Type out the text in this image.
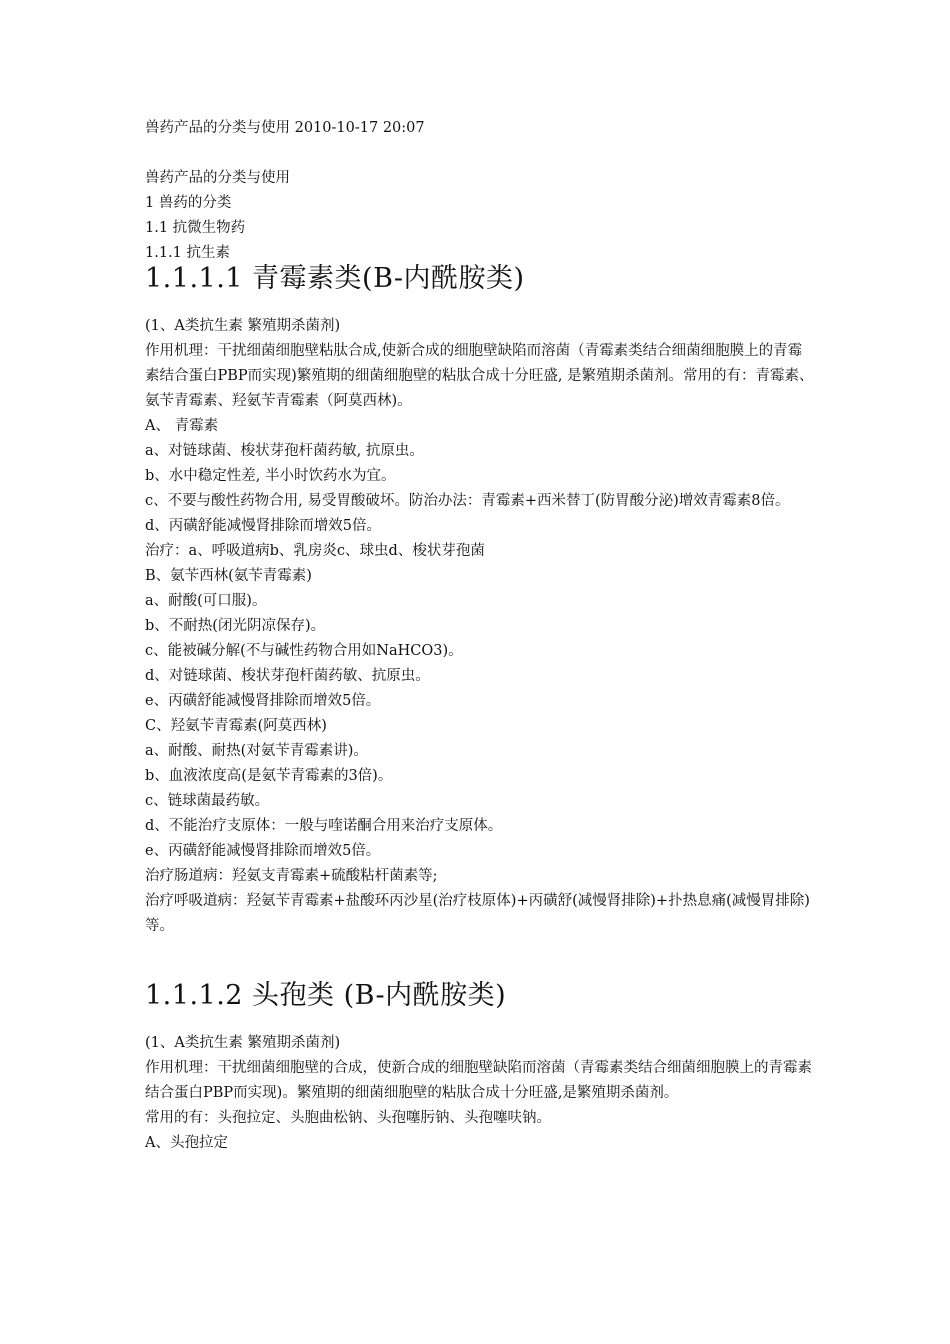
兽药产品的分类与使用 2010-10-17 20:07

兽药产品的分类与使用

1 兽药的分类

1.1 抗微生物药

1.1.1 抗生素

1.1.1.1 青霉素类(B-内酰胺类)

(1、A类抗生素 繁殖期杀菌剂)

作用机理：干扰细菌细胞壁粘肽合成,使新合成的细胞壁缺陷而溶菌（青霉素类结合细菌细胞膜上的青霉素结合蛋白PBP而实现)繁殖期的细菌细胞壁的粘肽合成十分旺盛, 是繁殖期杀菌剂。常用的有：青霉素、氨苄青霉素、羟氨苄青霉素（阿莫西林)。

A、 青霉素

a、对链球菌、梭状芽孢杆菌药敏, 抗原虫。

b、水中稳定性差, 半小时饮药水为宜。

c、不要与酸性药物合用, 易受胃酸破坏。防治办法：青霉素+西米替丁(防胃酸分泌)增效青霉素8倍。

d、丙磺舒能减慢肾排除而增效5倍。

治疗：a、呼吸道病b、乳房炎c、球虫d、梭状芽孢菌

B、氨苄西林(氨苄青霉素)

a、耐酸(可口服)。

b、不耐热(闭光阴凉保存)。

c、能被碱分解(不与碱性药物合用如NaHCO3)。

d、对链球菌、梭状芽孢杆菌药敏、抗原虫。

e、丙磺舒能减慢肾排除而增效5倍。

C、羟氨苄青霉素(阿莫西林)

a、耐酸、耐热(对氨苄青霉素讲)。

b、血液浓度高(是氨苄青霉素的3倍)。

c、链球菌最药敏。

d、不能治疗支原体：一般与喹诺酮合用来治疗支原体。

e、丙磺舒能减慢肾排除而增效5倍。

治疗肠道病：羟氨支青霉素+硫酸粘杆菌素等;

治疗呼吸道病：羟氨苄青霉素+盐酸环丙沙星(治疗枝原体)+丙磺舒(减慢肾排除)+扑热息痛(减慢胃排除)等。

1.1.1.2 头孢类 (B-内酰胺类)

(1、A类抗生素 繁殖期杀菌剂)

作用机理：干扰细菌细胞壁的合成，使新合成的细胞壁缺陷而溶菌（青霉素类结合细菌细胞膜上的青霉素结合蛋白PBP而实现)。繁殖期的细菌细胞壁的粘肽合成十分旺盛,是繁殖期杀菌剂。

常用的有：头孢拉定、头胞曲松钠、头孢噻肟钠、头孢噻呋钠。

A、头孢拉定
